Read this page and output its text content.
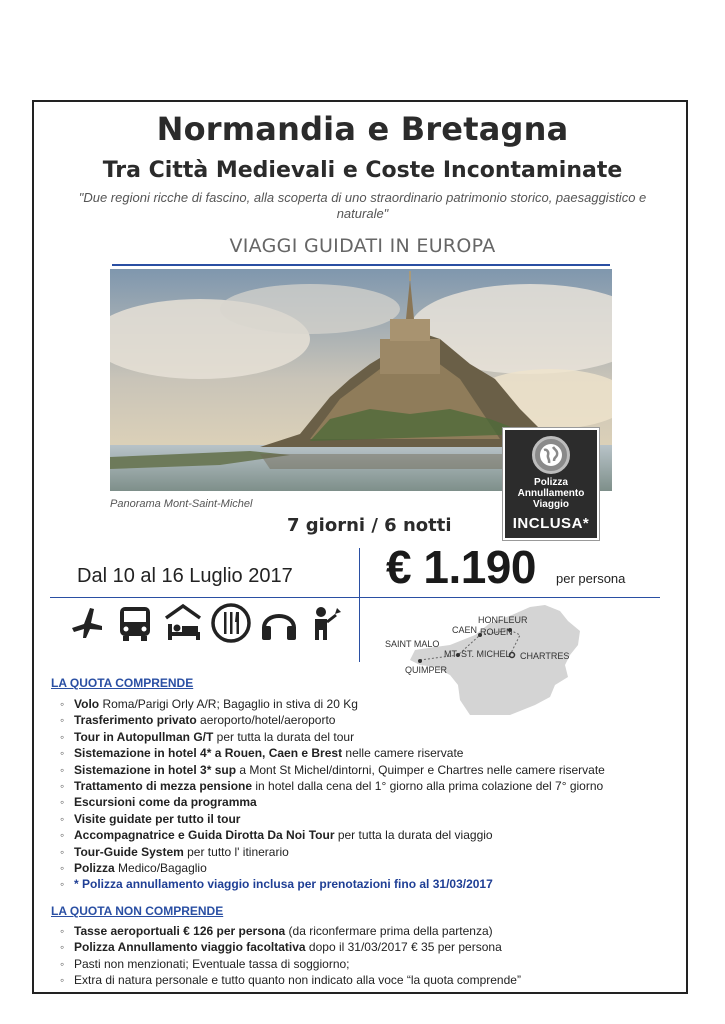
Normandia e Bretagna
Tra Città Medievali e Coste Incontaminate
"Due regioni ricche di fascino, alla scoperta di uno straordinario patrimonio storico, paesaggistico e naturale"
VIAGGI GUIDATI IN EUROPA
Panorama Mont-Saint-Michel
Polizza
Annullamento
Viaggio
INCLUSA*
7 giorni / 6 notti
Dal 10 al 16 Luglio 2017 € 1.190 per persona
HONFLEUR
ROUEN
CAEN
SAINT MALO
MT. ST. MICHEL CHARTRES
QUIMPER
LA QUOTA COMPRENDE
◦ Volo Roma/Parigi Orly A/R; Bagaglio in stiva di 20 Kg
◦ Trasferimento privato aeroporto/hotel/aeroporto
◦ Tour in Autopullman G/T per tutta la durata del tour
◦ Sistemazione in hotel 4* a Rouen, Caen e Brest nelle camere riservate
◦ Sistemazione in hotel 3* sup a Mont St Michel/dintorni, Quimper e Chartres nelle camere riservate
◦ Trattamento di mezza pensione in hotel dalla cena del 1° giorno alla prima colazione del 7° giorno
◦ Escursioni come da programma
◦ Visite guidate per tutto il tour
◦ Accompagnatrice e Guida Dirotta Da Noi Tour per tutta la durata del viaggio
◦ Tour-Guide System per tutto l' itinerario
◦ Polizza Medico/Bagaglio
◦ * Polizza annullamento viaggio inclusa per prenotazioni fino al 31/03/2017
LA QUOTA NON COMPRENDE
◦ Tasse aeroportuali € 126 per persona (da riconfermare prima della partenza)
◦ Polizza Annullamento viaggio facoltativa dopo il 31/03/2017 € 35 per persona
◦ Pasti non menzionati; Eventuale tassa di soggiorno;
◦ Extra di natura personale e tutto quanto non indicato alla voce “la quota comprende”
